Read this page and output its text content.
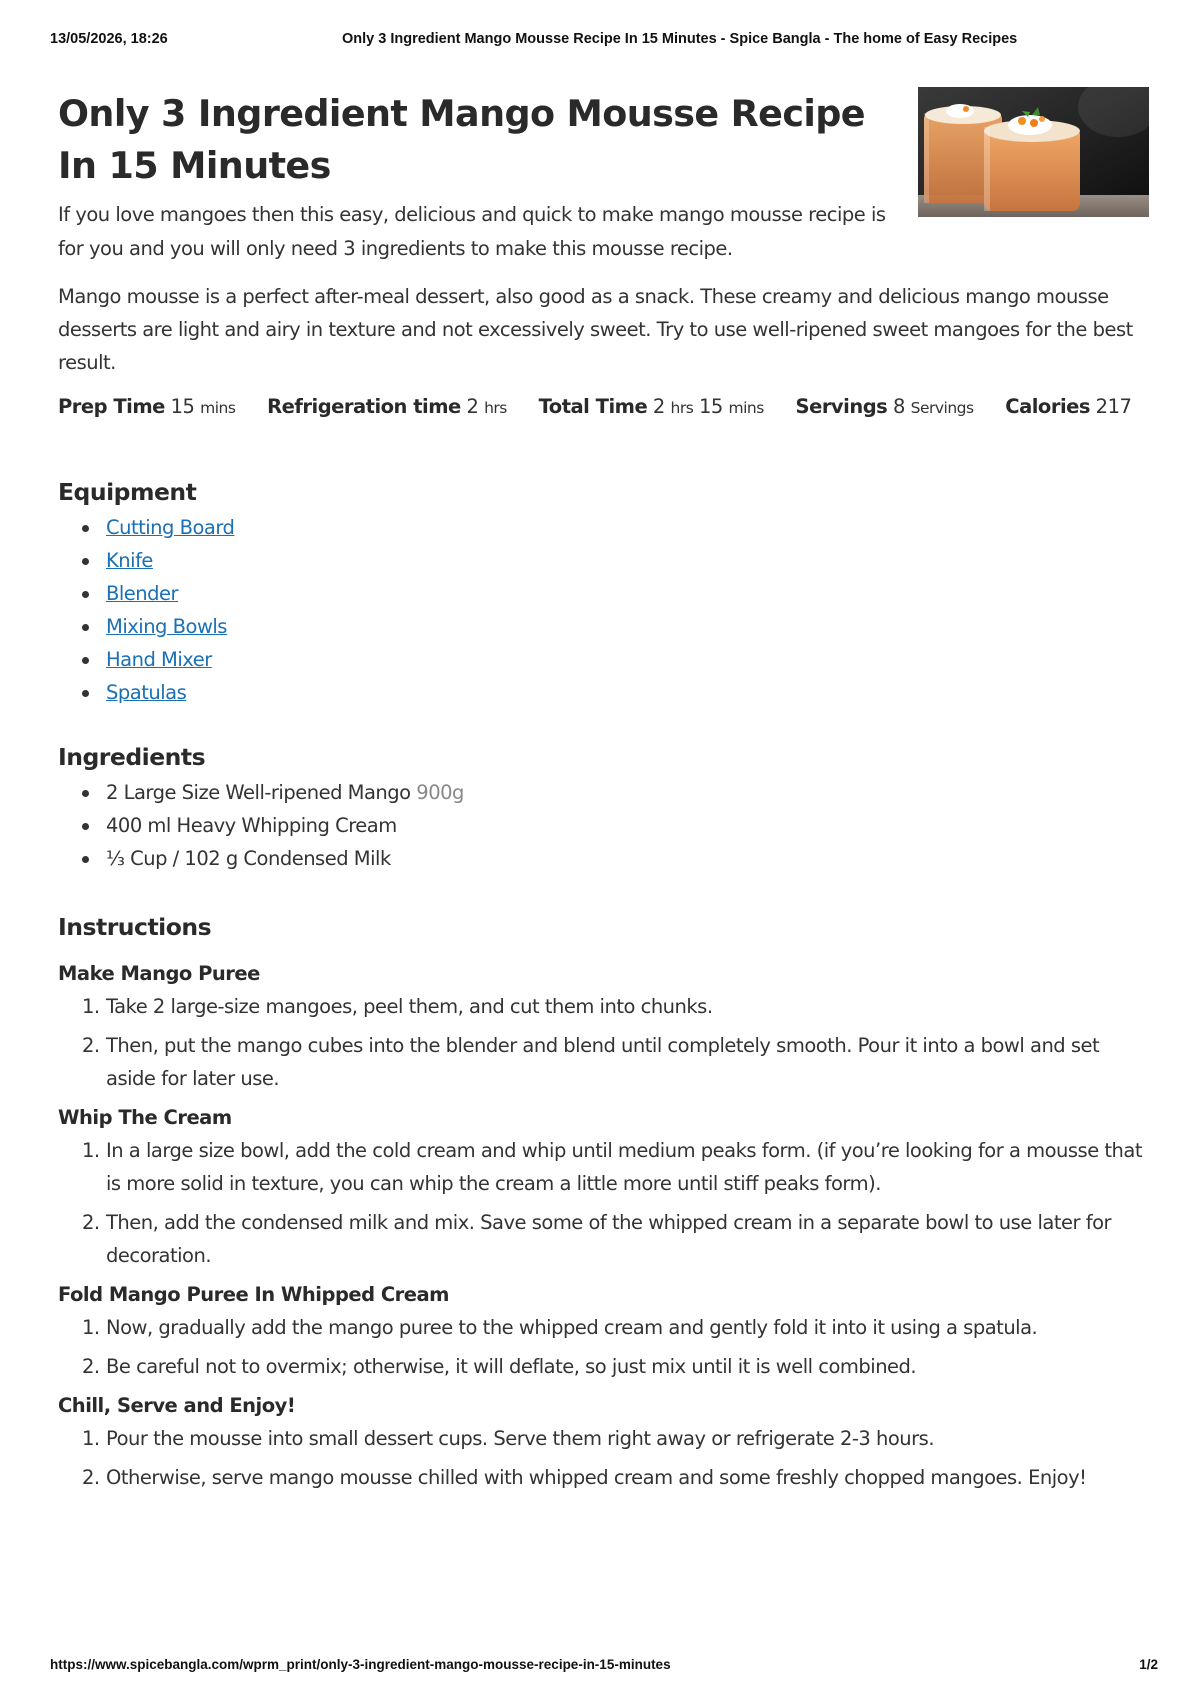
13/05/2026, 18:26	Only 3 Ingredient Mango Mousse Recipe In 15 Minutes - Spice Bangla - The home of Easy Recipes
Only 3 Ingredient Mango Mousse Recipe In 15 Minutes

If you love mangoes then this easy, delicious and quick to make mango mousse recipe is for you and you will only need 3 ingredients to make this mousse recipe.

Mango mousse is a perfect after-meal dessert, also good as a snack. These creamy and delicious mango mousse desserts are light and airy in texture and not excessively sweet. Try to use well-ripened sweet mangoes for the best result.

Prep Time 15 mins Refrigeration time 2 hrs Total Time 2 hrs 15 mins Servings 8 Servings Calories 217
Equipment
Cutting Board
Knife
Blender
Mixing Bowls
Hand Mixer
Spatulas
Ingredients
2 Large Size Well-ripened Mango 900g
400 ml Heavy Whipping Cream
⅓ Cup / 102 g Condensed Milk
Instructions
Make Mango Puree
1. Take 2 large-size mangoes, peel them, and cut them into chunks.
2. Then, put the mango cubes into the blender and blend until completely smooth. Pour it into a bowl and set aside for later use.
Whip The Cream
1. In a large size bowl, add the cold cream and whip until medium peaks form. (if you’re looking for a mousse that is more solid in texture, you can whip the cream a little more until stiff peaks form).
2. Then, add the condensed milk and mix. Save some of the whipped cream in a separate bowl to use later for decoration.
Fold Mango Puree In Whipped Cream
1. Now, gradually add the mango puree to the whipped cream and gently fold it into it using a spatula.
2. Be careful not to overmix; otherwise, it will deflate, so just mix until it is well combined.
Chill, Serve and Enjoy!
1. Pour the mousse into small dessert cups. Serve them right away or refrigerate 2-3 hours.
2. Otherwise, serve mango mousse chilled with whipped cream and some freshly chopped mangoes. Enjoy!
https://www.spicebangla.com/wprm_print/only-3-ingredient-mango-mousse-recipe-in-15-minutes	1/2
